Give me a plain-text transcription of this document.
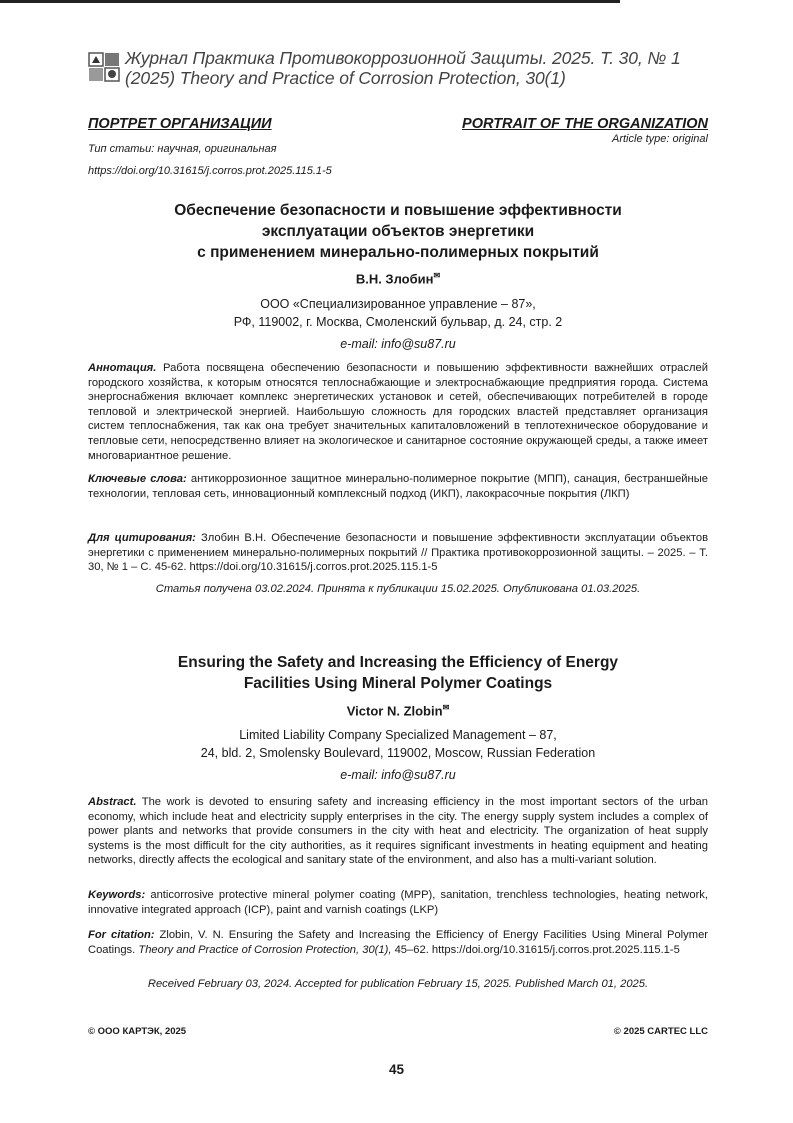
Журнал Практика Противокоррозионной Защиты. 2025. Т. 30, № 1
(2025) Theory and Practice of Corrosion Protection, 30(1)
ПОРТРЕТ ОРГАНИЗАЦИИ	PORTRAIT OF THE ORGANIZATION
Article type: original
Тип статьи: научная, оригинальная
https://doi.org/10.31615/j.corros.prot.2025.115.1-5
Обеспечение безопасности и повышение эффективности
эксплуатации объектов энергетики
с применением минерально-полимерных покрытий
В.Н. Злобин✉
ООО «Специализированное управление – 87»,
РФ, 119002, г. Москва, Смоленский бульвар, д. 24, стр. 2
e-mail: info@su87.ru
Аннотация. Работа посвящена обеспечению безопасности и повышению эффективности важнейших отраслей городского хозяйства, к которым относятся теплоснабжающие и электроснабжающие предприятия города. Система энергоснабжения включает комплекс энергетических установок и сетей, обеспечивающих потребителей в городе тепловой и электрической энергией. Наибольшую сложность для городских властей представляет организация систем теплоснабжения, так как она требует значительных капиталовложений в теплотехническое оборудование и тепловые сети, непосредственно влияет на экологическое и санитарное состояние окружающей среды, а также имеет многовариантное решение.
Ключевые слова: антикоррозионное защитное минерально-полимерное покрытие (МПП), санация, бестраншейные технологии, тепловая сеть, инновационный комплексный подход (ИКП), лакокрасочные покрытия (ЛКП)
Для цитирования: Злобин В.Н. Обеспечение безопасности и повышение эффективности эксплуатации объектов энергетики с применением минерально-полимерных покрытий // Практика противокоррозионной защиты. – 2025. – Т. 30, № 1 – С. 45-62. https://doi.org/10.31615/j.corros.prot.2025.115.1-5
Статья получена 03.02.2024. Принята к публикации 15.02.2025. Опубликована 01.03.2025.
Ensuring the Safety and Increasing the Efficiency of Energy
Facilities Using Mineral Polymer Coatings
Victor N. Zlobin✉
Limited Liability Company Specialized Management – 87,
24, bld. 2, Smolensky Boulevard, 119002, Moscow, Russian Federation
e-mail: info@su87.ru
Abstract. The work is devoted to ensuring safety and increasing efficiency in the most important sectors of the urban economy, which include heat and electricity supply enterprises in the city. The energy supply system includes a complex of power plants and networks that provide consumers in the city with heat and electricity. The organization of heat supply systems is the most difficult for the city authorities, as it requires significant investments in heating equipment and heating networks, directly affects the ecological and sanitary state of the environment, and also has a multi-variant solution.
Keywords: anticorrosive protective mineral polymer coating (MPP), sanitation, trenchless technologies, heating network, innovative integrated approach (ICP), paint and varnish coatings (LKP)
For citation: Zlobin, V. N. Ensuring the Safety and Increasing the Efficiency of Energy Facilities Using Mineral Polymer Coatings. Theory and Practice of Corrosion Protection, 30(1), 45–62. https://doi.org/10.31615/j.corros.prot.2025.115.1-5
Received February 03, 2024. Accepted for publication February 15, 2025. Published March 01, 2025.
© ООО КАРТЭК, 2025	© 2025 CARTEC LLC
45
